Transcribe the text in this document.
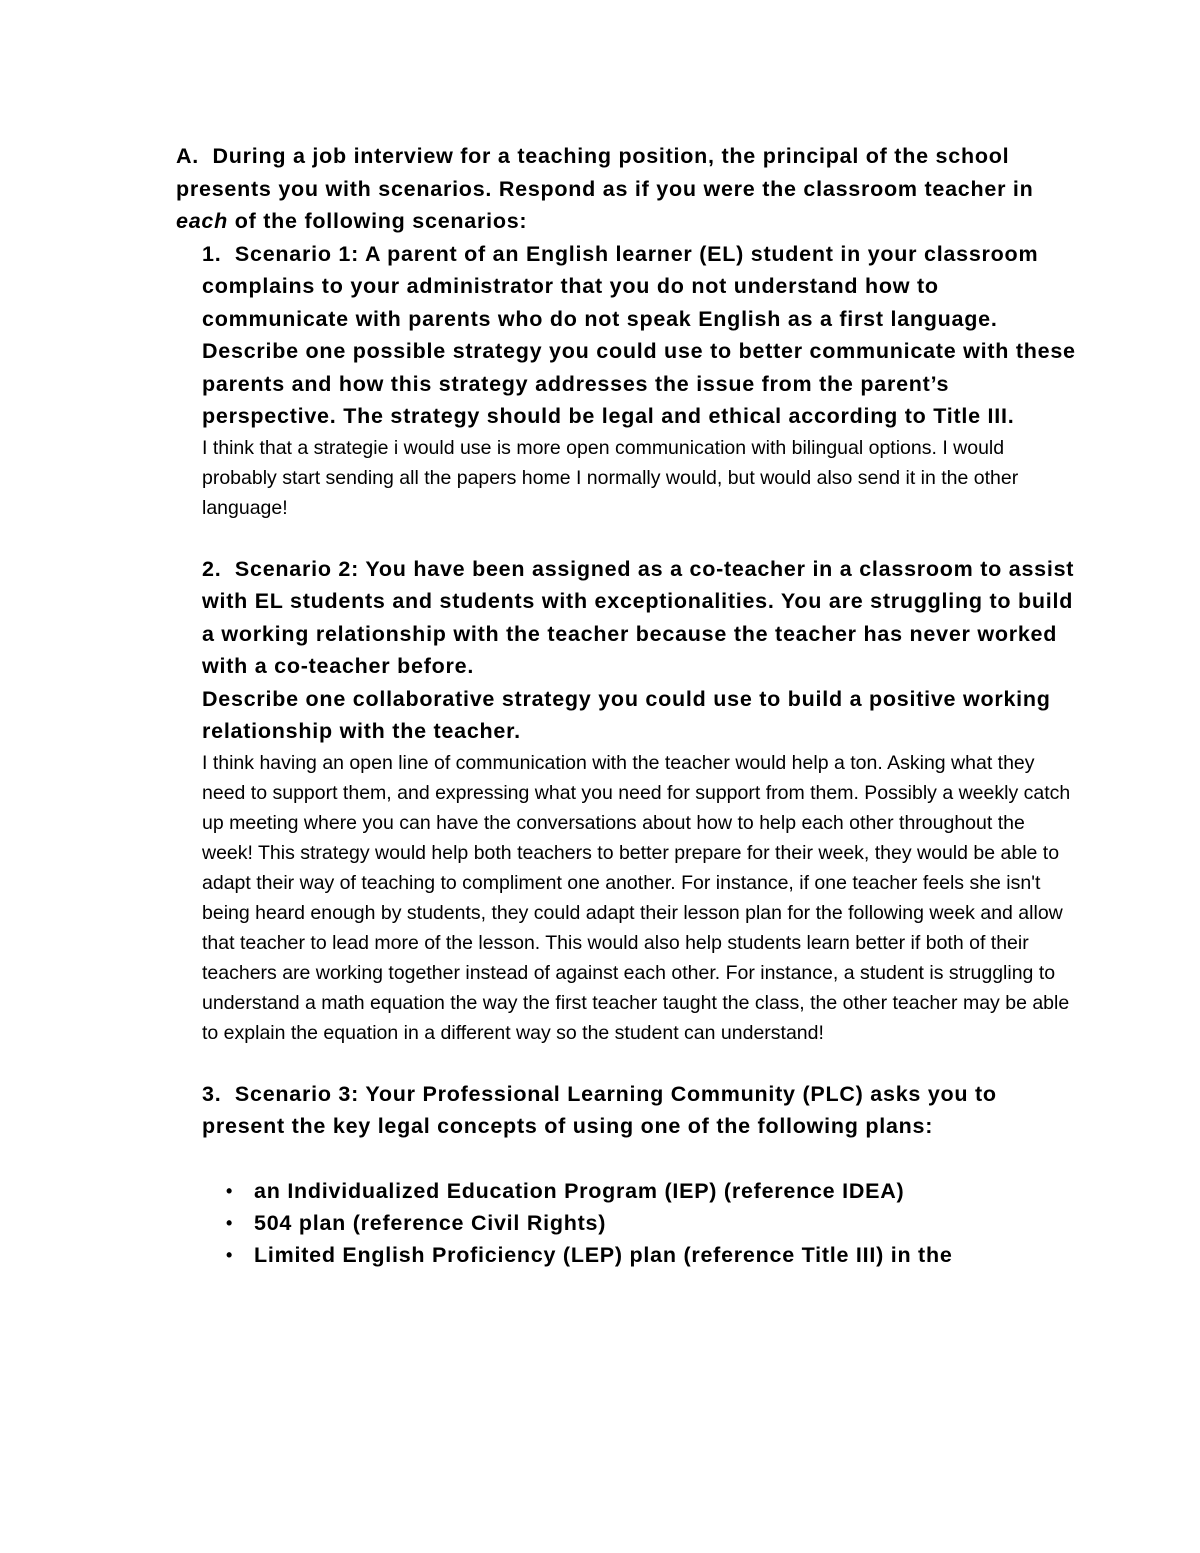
A. During a job interview for a teaching position, the principal of the school presents you with scenarios. Respond as if you were the classroom teacher in each of the following scenarios:

1. Scenario 1: A parent of an English learner (EL) student in your classroom complains to your administrator that you do not understand how to communicate with parents who do not speak English as a first language.

Describe one possible strategy you could use to better communicate with these parents and how this strategy addresses the issue from the parent’s perspective. The strategy should be legal and ethical according to Title III.

I think that a strategie i would use is more open communication with bilingual options. I would probably start sending all the papers home I normally would, but would also send it in the other language!

2. Scenario 2: You have been assigned as a co-teacher in a classroom to assist with EL students and students with exceptionalities. You are struggling to build a working relationship with the teacher because the teacher has never worked with a co-teacher before.

Describe one collaborative strategy you could use to build a positive working relationship with the teacher.

I think having an open line of communication with the teacher would help a ton. Asking what they need to support them, and expressing what you need for support from them. Possibly a weekly catch up meeting where you can have the conversations about how to help each other throughout the week! This strategy would help both teachers to better prepare for their week, they would be able to adapt their way of teaching to compliment one another. For instance, if one teacher feels she isn't being heard enough by students, they could adapt their lesson plan for the following week and allow that teacher to lead more of the lesson. This would also help students learn better if both of their teachers are working together instead of against each other. For instance, a student is struggling to understand a math equation the way the first teacher taught the class, the other teacher may be able to explain the equation in a different way so the student can understand!

3. Scenario 3: Your Professional Learning Community (PLC) asks you to present the key legal concepts of using one of the following plans:

• an Individualized Education Program (IEP) (reference IDEA)
• 504 plan (reference Civil Rights)
• Limited English Proficiency (LEP) plan (reference Title III) in the
